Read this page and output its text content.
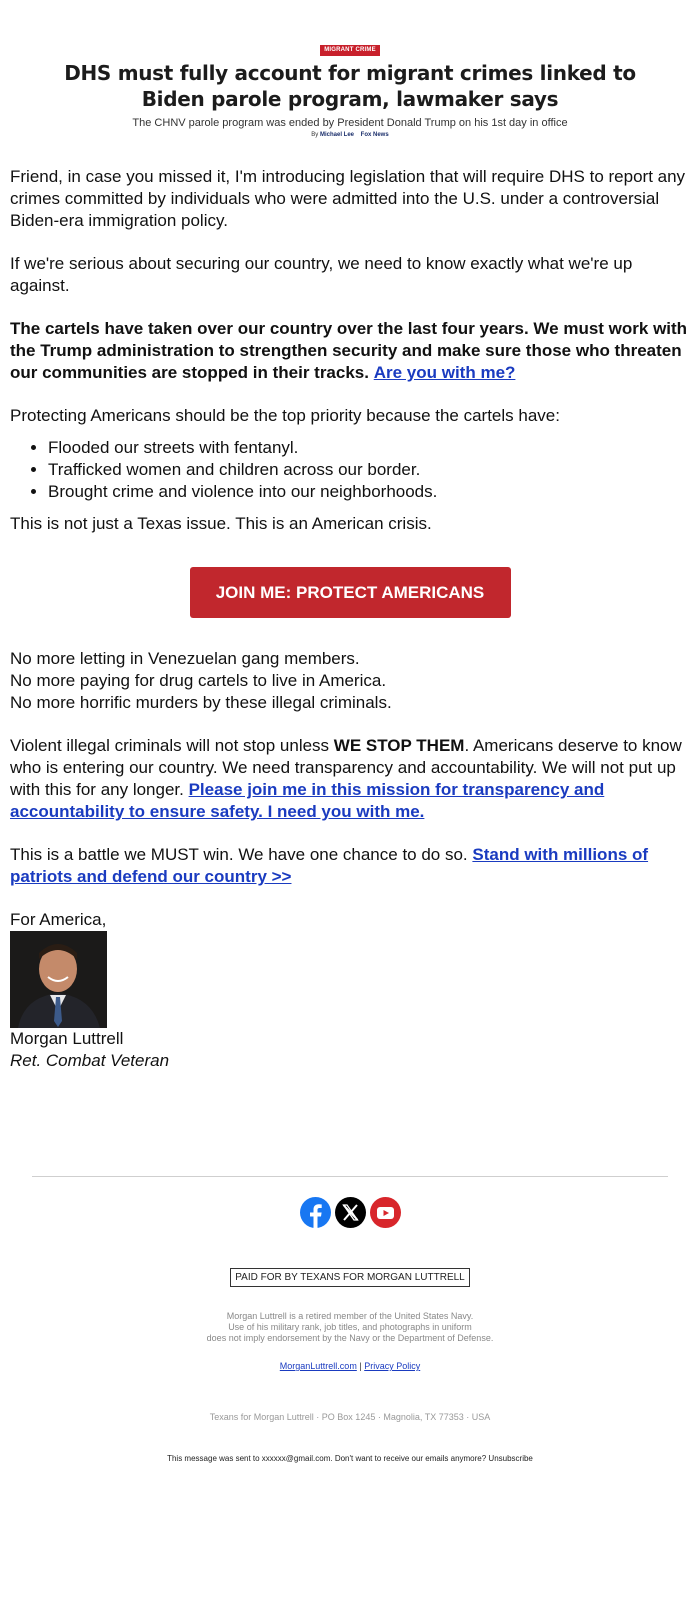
MIGRANT CRIME
DHS must fully account for migrant crimes linked to Biden parole program, lawmaker says
The CHNV parole program was ended by President Donald Trump on his 1st day in office
By Michael Lee Fox News

Friend, in case you missed it, I'm introducing legislation that will require DHS to report any crimes committed by individuals who were admitted into the U.S. under a controversial Biden-era immigration policy.

If we're serious about securing our country, we need to know exactly what we're up against.

The cartels have taken over our country over the last four years. We must work with the Trump administration to strengthen security and make sure those who threaten our communities are stopped in their tracks. Are you with me?

Protecting Americans should be the top priority because the cartels have:

• Flooded our streets with fentanyl.
• Trafficked women and children across our border.
• Brought crime and violence into our neighborhoods.

This is not just a Texas issue. This is an American crisis.

JOIN ME: PROTECT AMERICANS

No more letting in Venezuelan gang members.

No more paying for drug cartels to live in America.

No more horrific murders by these illegal criminals.

Violent illegal criminals will not stop unless WE STOP THEM. Americans deserve to know who is entering our country. We need transparency and accountability. We will not put up with this for any longer. Please join me in this mission for transparency and accountability to ensure safety. I need you with me.

This is a battle we MUST win. We have one chance to do so. Stand with millions of patriots and defend our country >>

For America,

Morgan Luttrell

Ret. Combat Veteran

PAID FOR BY TEXANS FOR MORGAN LUTTRELL
Morgan Luttrell is a retired member of the United States Navy.
Use of his military rank, job titles, and photographs in uniform
does not imply endorsement by the Navy or the Department of Defense.
MorganLuttrell.com | Privacy Policy
Texans for Morgan Luttrell · PO Box 1245 · Magnolia, TX 77353 · USA
This message was sent to xxxxxx@gmail.com. Don't want to receive our emails anymore? Unsubscribe
